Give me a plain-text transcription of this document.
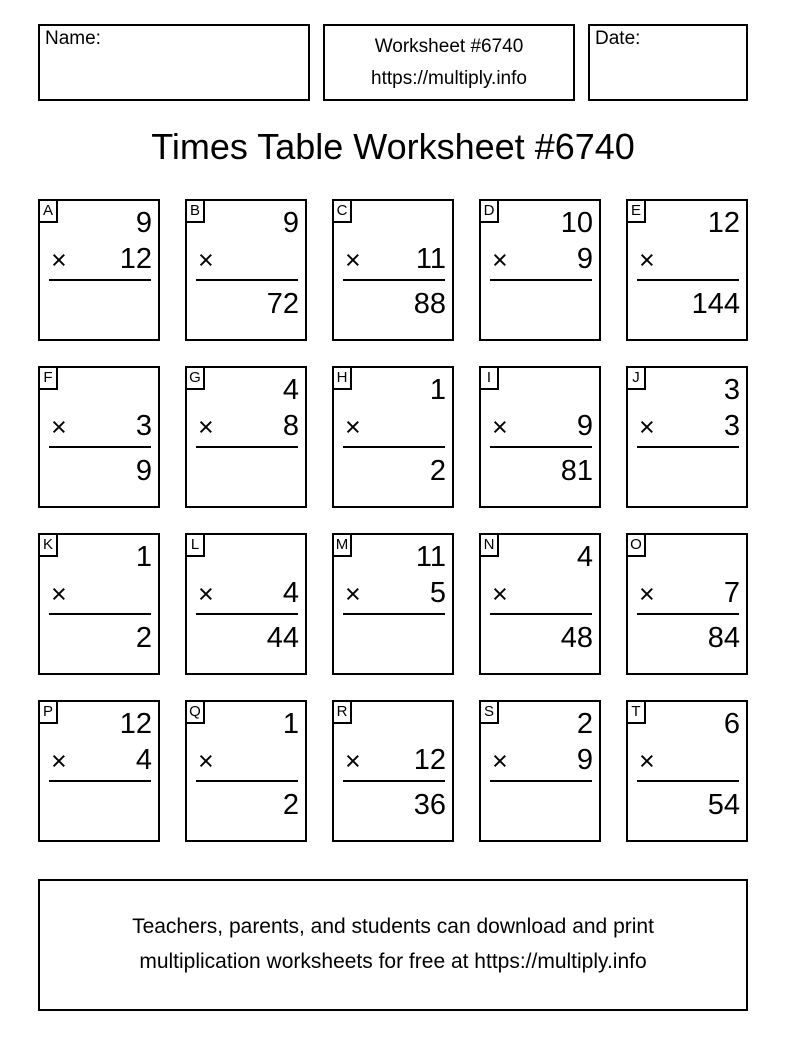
Name:	Worksheet #6740
https://multiply.info
Date:
Times Table Worksheet #6740
A	9
×	12
B	9
×
72
C
×	11
88
D	10
×	9
E	12
×
144
F
×	3
9
G	4
×	8
H	1
×
2
I
×	9
81
J	3
×	3
K	1
×
2
L
×	4
44
M	11
×	5
N	4
×
48
O
×	7
84
P	12
×	4
Q	1
×
2
R
×	12
36
S	2
×	9
T	6
×
54
Teachers, parents, and students can download and print
multiplication worksheets for free at https://multiply.info
